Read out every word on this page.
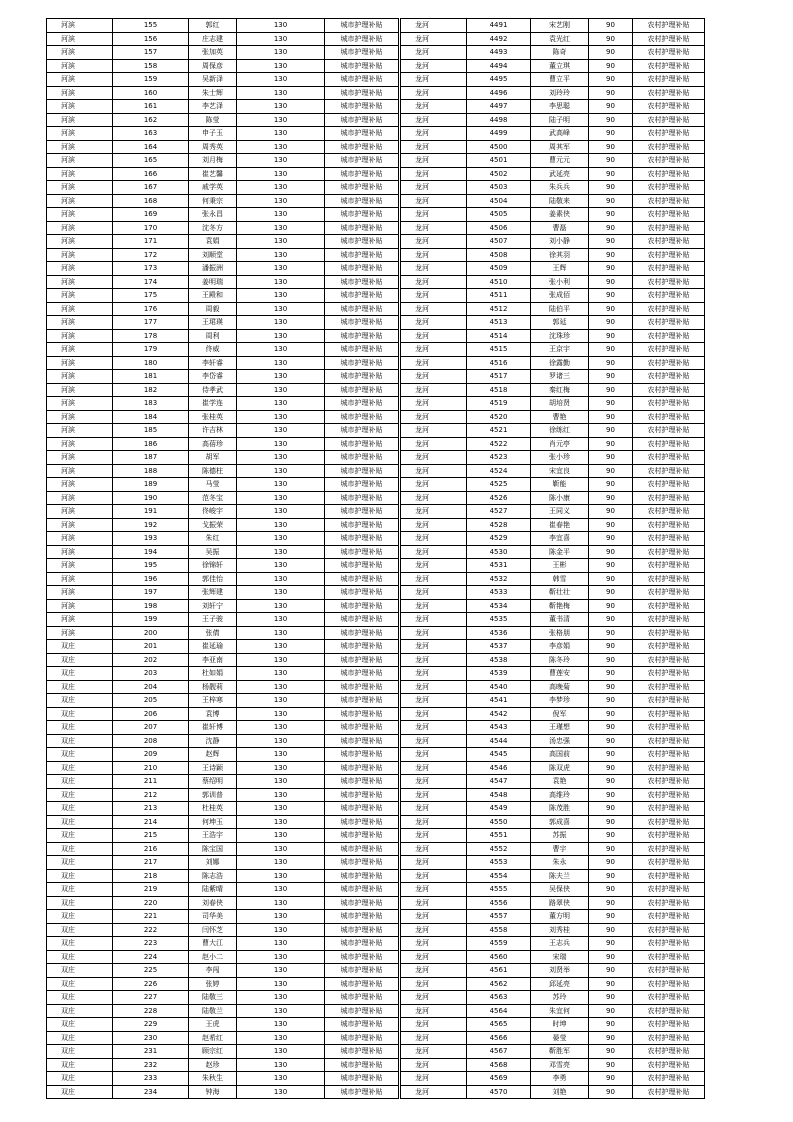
河滨	155	郭红	130	城市护理补贴
河滨	156	庄志建	130	城市护理补贴
河滨	157	张加英	130	城市护理补贴
河滨	158	周保彦	130	城市护理补贴
河滨	159	吴新泽	130	城市护理补贴
河滨	160	朱士辉	130	城市护理补贴
河滨	161	李艺泽	130	城市护理补贴
河滨	162	陈莹	130	城市护理补贴
河滨	163	申子玉	130	城市护理补贴
河滨	164	周秀英	130	城市护理补贴
河滨	165	刘月梅	130	城市护理补贴
河滨	166	崔艺馨	130	城市护理补贴
河滨	167	戚学英	130	城市护理补贴
河滨	168	何秉宗	130	城市护理补贴
河滨	169	张永昌	130	城市护理补贴
河滨	170	沈冬方	130	城市护理补贴
河滨	171	袁娟	130	城市护理补贴
河滨	172	刘顺堂	130	城市护理补贴
河滨	173	潘振洲	130	城市护理补贴
河滨	174	姜明瑞	130	城市护理补贴
河滨	175	王殿和	130	城市护理补贴
河滨	176	周毅	130	城市护理补贴
河滨	177	王珺瑛	130	城市护理补贴
河滨	178	周利	130	城市护理补贴
河滨	179	佟威	130	城市护理补贴
河滨	180	李轩睿	130	城市护理补贴
河滨	181	李岱睿	130	城市护理补贴
河滨	182	侍孝武	130	城市护理补贴
河滨	183	崔学连	130	城市护理补贴
河滨	184	张桂英	130	城市护理补贴
河滨	185	许吉林	130	城市护理补贴
河滨	186	高蓓珍	130	城市护理补贴
河滨	187	胡军	130	城市护理补贴
河滨	188	陈德柱	130	城市护理补贴
河滨	189	马莹	130	城市护理补贴
河滨	190	范冬宝	130	城市护理补贴
河滨	191	佟峻宇	130	城市护理补贴
河滨	192	戈振荣	130	城市护理补贴
河滨	193	朱红	130	城市护理补贴
河滨	194	吴振	130	城市护理补贴
河滨	195	徐锦轩	130	城市护理补贴
河滨	196	郭佳怡	130	城市护理补贴
河滨	197	张辉建	130	城市护理补贴
河滨	198	刘轩宁	130	城市护理补贴
河滨	199	王子骏	130	城市护理补贴
河滨	200	张倩	130	城市护理补贴
双庄	201	崔延瑜	130	城市护理补贴
双庄	202	李亚南	130	城市护理补贴
双庄	203	杜如娟	130	城市护理补贴
双庄	204	杨靓莉	130	城市护理补贴
双庄	205	王梓寒	130	城市护理补贴
双庄	206	袁博	130	城市护理补贴
双庄	207	崔轩博	130	城市护理补贴
双庄	208	沈静	130	城市护理补贴
双庄	209	赵辉	130	城市护理补贴
双庄	210	王诗颖	130	城市护理补贴
双庄	211	蔡绍明	130	城市护理补贴
双庄	212	郭训普	130	城市护理补贴
双庄	213	杜桂英	130	城市护理补贴
双庄	214	何坤玉	130	城市护理补贴
双庄	215	王浩宇	130	城市护理补贴
双庄	216	陈宝国	130	城市护理补贴
双庄	217	刘娜	130	城市护理补贴
双庄	218	陈志浩	130	城市护理补贴
双庄	219	陆紫晴	130	城市护理补贴
双庄	220	刘春侠	130	城市护理补贴
双庄	221	司华美	130	城市护理补贴
双庄	222	闫怀芝	130	城市护理补贴
双庄	223	曹大江	130	城市护理补贴
双庄	224	赵小二	130	城市护理补贴
双庄	225	李闯	130	城市护理补贴
双庄	226	张婷	130	城市护理补贴
双庄	227	陆敬三	130	城市护理补贴
双庄	228	陆敬兰	130	城市护理补贴
双庄	229	王虎	130	城市护理补贴
双庄	230	赵希红	130	城市护理补贴
双庄	231	顾宗红	130	城市护理补贴
双庄	232	赵珍	130	城市护理补贴
双庄	233	朱秋生	130	城市护理补贴
双庄	234	钟海	130	城市护理补贴
龙河	4491	宋艺刚	90	农村护理补贴
龙河	4492	袁光红	90	农村护理补贴
龙河	4493	陈奇	90	农村护理补贴
龙河	4494	董立琪	90	农村护理补贴
龙河	4495	曹立平	90	农村护理补贴
龙河	4496	刘玲玲	90	农村护理补贴
龙河	4497	李思聪	90	农村护理补贴
龙河	4498	陆子明	90	农村护理补贴
龙河	4499	武高峰	90	农村护理补贴
龙河	4500	周其军	90	农村护理补贴
龙河	4501	曹元元	90	农村护理补贴
龙河	4502	武延亮	90	农村护理补贴
龙河	4503	朱兵兵	90	农村护理补贴
龙河	4504	陆敬来	90	农村护理补贴
龙河	4505	姜素侠	90	农村护理补贴
龙河	4506	曹磊	90	农村护理补贴
龙河	4507	刘小静	90	农村护理补贴
龙河	4508	徐其羽	90	农村护理补贴
龙河	4509	王辉	90	农村护理补贴
龙河	4510	张小利	90	农村护理补贴
龙河	4511	张成佰	90	农村护理补贴
龙河	4512	陆伯平	90	农村护理补贴
龙河	4513	郭延	90	农村护理补贴
龙河	4514	沈珠珍	90	农村护理补贴
龙河	4515	王京宇	90	农村护理补贴
龙河	4516	徐露勤	90	农村护理补贴
龙河	4517	罗诸三	90	农村护理补贴
龙河	4518	秦红梅	90	农村护理补贴
龙河	4519	胡培贤	90	农村护理补贴
龙河	4520	曹艳	90	农村护理补贴
龙河	4521	徐练红	90	农村护理补贴
龙河	4522	肖元亭	90	农村护理补贴
龙河	4523	张小珍	90	农村护理补贴
龙河	4524	宋宜良	90	农村护理补贴
龙河	4525	靳能	90	农村护理补贴
龙河	4526	陈小康	90	农村护理补贴
龙河	4527	王同义	90	农村护理补贴
龙河	4528	崔春艳	90	农村护理补贴
龙河	4529	李宜喜	90	农村护理补贴
龙河	4530	陈金平	90	农村护理补贴
龙河	4531	王彬	90	农村护理补贴
龙河	4532	韩雪	90	农村护理补贴
龙河	4533	靳壮壮	90	农村护理补贴
龙河	4534	靳艳梅	90	农村护理补贴
龙河	4535	董书清	90	农村护理补贴
龙河	4536	张格朋	90	农村护理补贴
龙河	4537	李彦娟	90	农村护理补贴
龙河	4538	陈冬玲	90	农村护理补贴
龙河	4539	曹莲安	90	农村护理补贴
龙河	4540	高晚菊	90	农村护理补贴
龙河	4541	李梦珍	90	农村护理补贴
龙河	4542	倪军	90	农村护理补贴
龙河	4543	王瑾想	90	农村护理补贴
龙河	4544	汤忠强	90	农村护理补贴
龙河	4545	高国前	90	农村护理补贴
龙河	4546	陈双虎	90	农村护理补贴
龙河	4547	袁艳	90	农村护理补贴
龙河	4548	高维玲	90	农村护理补贴
龙河	4549	陈茂胜	90	农村护理补贴
龙河	4550	郭成喜	90	农村护理补贴
龙河	4551	苏振	90	农村护理补贴
龙河	4552	曹宇	90	农村护理补贴
龙河	4553	朱永	90	农村护理补贴
龙河	4554	陈夫兰	90	农村护理补贴
龙河	4555	吴保侠	90	农村护理补贴
龙河	4556	路翠侠	90	农村护理补贴
龙河	4557	董方明	90	农村护理补贴
龙河	4558	刘秀桂	90	农村护理补贴
龙河	4559	王志兵	90	农村护理补贴
龙河	4560	宋瑞	90	农村护理补贴
龙河	4561	刘贤举	90	农村护理补贴
龙河	4562	邱延亮	90	农村护理补贴
龙河	4563	苏玲	90	农村护理补贴
龙河	4564	朱宜何	90	农村护理补贴
龙河	4565	时坤	90	农村护理补贴
龙河	4566	晏莹	90	农村护理补贴
龙河	4567	靳胜军	90	农村护理补贴
龙河	4568	邓雪亮	90	农村护理补贴
龙河	4569	李勇	90	农村护理补贴
龙河	4570	刘艳	90	农村护理补贴
